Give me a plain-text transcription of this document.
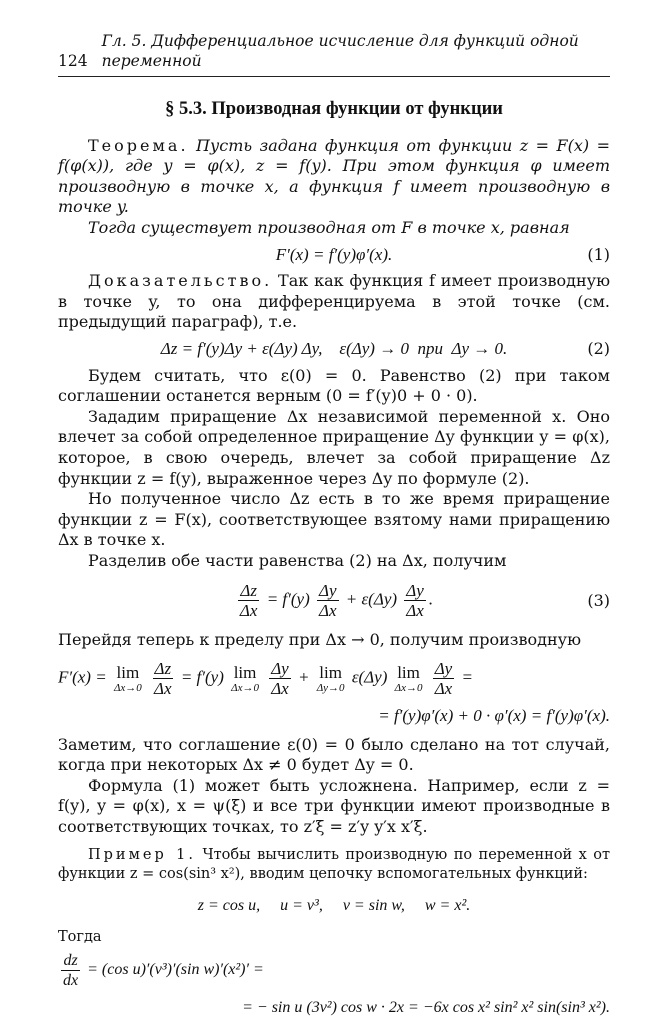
124
Гл. 5. Дифференциальное исчисление для функций одной переменной
§ 5.3. Производная функции от функции

Теорема. Пусть задана функция от функции z = F(x) = f(φ(x)), где y = φ(x), z = f(y). При этом функция φ имеет производную в точке x, а функция f имеет производную в точке y.

Тогда существует производная от F в точке x, равная

F′(x) = f′(y)φ′(x).	(1)

Доказательство. Так как функция f имеет производную в точке y, то она дифференцируема в этой точке (см. предыдущий параграф), т.е.

Δz = f′(y)Δy + ε(Δy) Δy,    ε(Δy) → 0  при  Δy → 0.	(2)

Будем считать, что ε(0) = 0. Равенство (2) при таком соглашении останется верным (0 = f′(y)0 + 0 · 0).

Зададим приращение Δx независимой переменной x. Оно влечет за собой определенное приращение Δy функции y = φ(x), которое, в свою очередь, влечет за собой приращение Δz функции z = f(y), выраженное через Δy по формуле (2).

Но полученное число Δz есть в то же время приращение функции z = F(x), соответствующее взятому нами приращению Δx в точке x.

Разделив обе части равенства (2) на Δx, получим

$\frac{\Delta z}{\Delta x} = f'(y) \frac{\Delta y}{\Delta x} + \varepsilon(\Delta y) \frac{\Delta y}{\Delta x}$ .	(3)

Перейдя теперь к пределу при Δx → 0, получим производную

F′(x) = lim
Δx→0
$\frac{\Delta z}{\Delta x} = f'(y)$ lim
Δx→0
$\frac{\Delta y}{\Delta x} + \lim$
Δy→0
ε(Δy) lim
Δx→0
$\frac{\Delta y}{\Delta x}$ =
= f′(y)φ′(x) + 0 · φ′(x) = f′(y)φ′(x).

Заметим, что соглашение ε(0) = 0 было сделано на тот случай, когда при некоторых Δx ≠ 0 будет Δy = 0.

Формула (1) может быть усложнена. Например, если z = f(y), y = φ(x), x = ψ(ξ) и все три функции имеют производные в соответствующих точках, то z′ξ = z′y y′x x′ξ.

Пример 1. Чтобы вычислить производную по переменной x от функции z = cos(sin³ x²), вводим цепочку вспомогательных функций:

z = cos u,     u = v³,     v = sin w,     w = x².

Тогда

$\frac{dz}{dx} = (\cos$ u)′(v³)′(sin w)′(x²)′ =
= − sin u (3v²) cos w · 2x = −6x cos x² sin² x² sin(sin³ x²).
